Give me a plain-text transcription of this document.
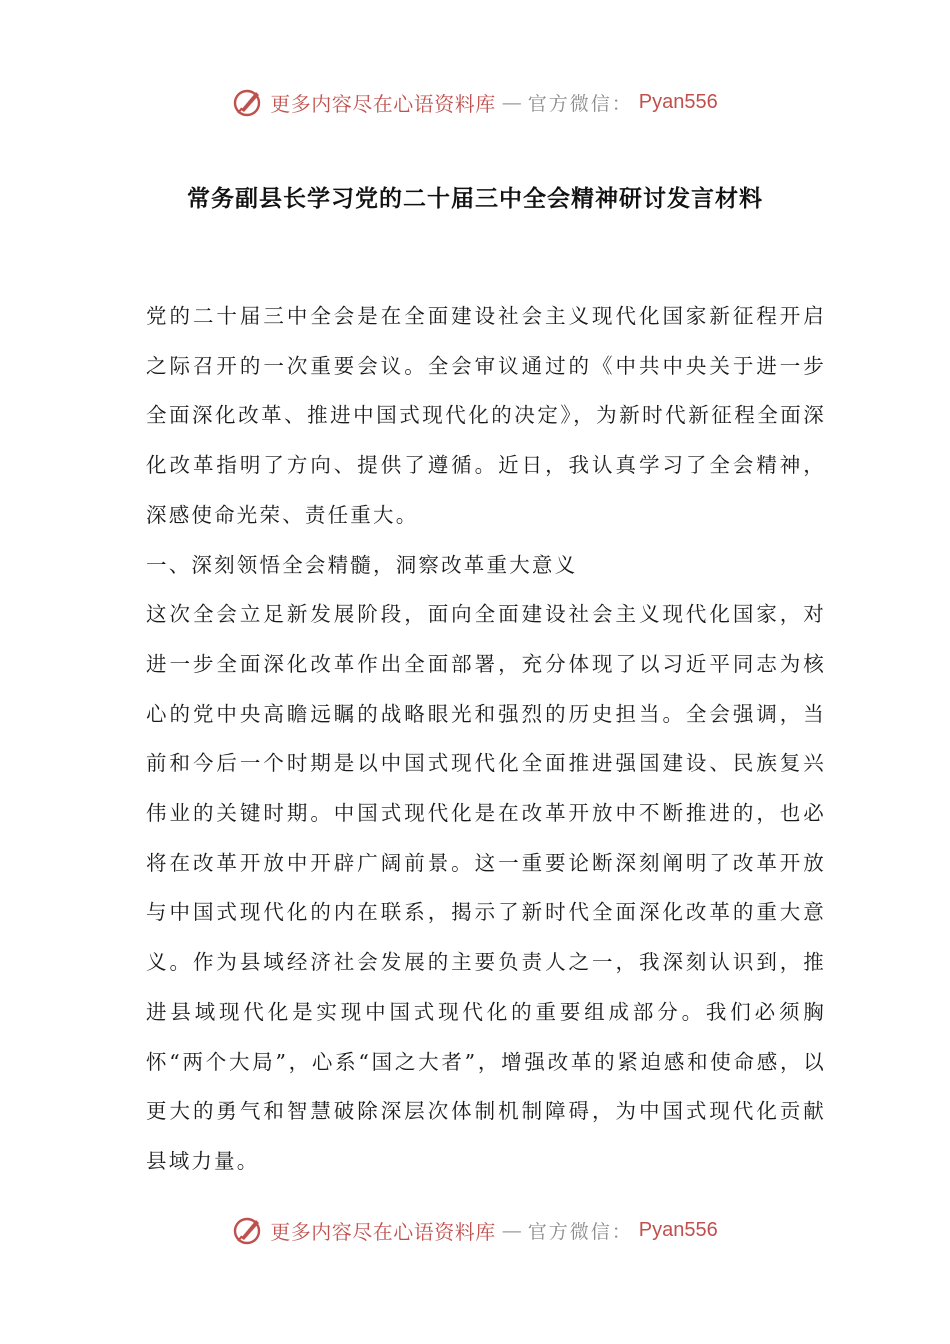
更多内容尽在心语资料库 — 官方微信： Pyan556
常务副县长学习党的二十届三中全会精神研讨发言材料

党的二十届三中全会是在全面建设社会主义现代化国家新征程开启之际召开的一次重要会议。全会审议通过的《中共中央关于进一步全面深化改革、推进中国式现代化的决定》，为新时代新征程全面深化改革指明了方向、提供了遵循。近日，我认真学习了全会精神，深感使命光荣、责任重大。

一、深刻领悟全会精髓，洞察改革重大意义

这次全会立足新发展阶段，面向全面建设社会主义现代化国家，对进一步全面深化改革作出全面部署，充分体现了以习近平同志为核心的党中央高瞻远瞩的战略眼光和强烈的历史担当。全会强调，当前和今后一个时期是以中国式现代化全面推进强国建设、民族复兴伟业的关键时期。中国式现代化是在改革开放中不断推进的，也必将在改革开放中开辟广阔前景。这一重要论断深刻阐明了改革开放与中国式现代化的内在联系，揭示了新时代全面深化改革的重大意义。作为县域经济社会发展的主要负责人之一，我深刻认识到，推进县域现代化是实现中国式现代化的重要组成部分。我们必须胸怀“两个大局”，心系“国之大者”，增强改革的紧迫感和使命感，以更大的勇气和智慧破除深层次体制机制障碍，为中国式现代化贡献县域力量。

更多内容尽在心语资料库 — 官方微信： Pyan556
